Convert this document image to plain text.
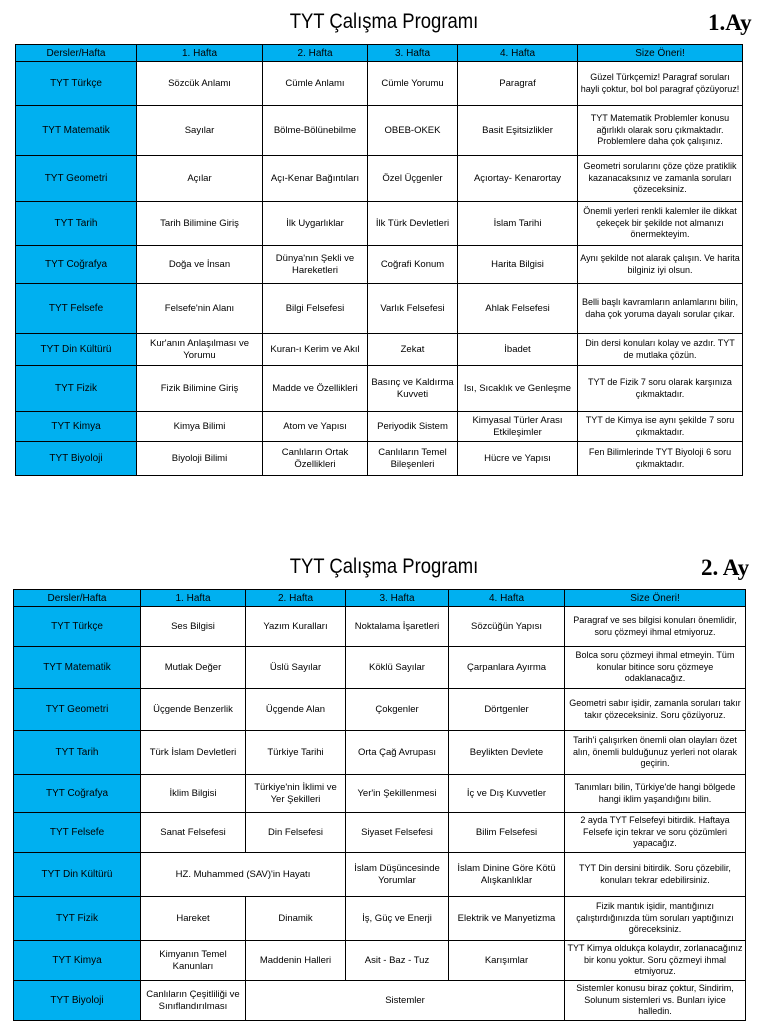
TYT Çalışma Programı	1.Ay
Dersler/Hafta	1. Hafta	2. Hafta	3. Hafta	4. Hafta	Size Öneri!
TYT Türkçe	Sözcük Anlamı	Cümle Anlamı	Cümle Yorumu	Paragraf	Güzel Türkçemiz! Paragraf soruları hayli çoktur, bol bol paragraf çözüyoruz!
TYT Matematik	Sayılar	Bölme-Bölünebilme	OBEB-OKEK	Basit Eşitsizlikler	TYT Matematik Problemler konusu ağırlıklı olarak soru çıkmaktadır. Problemlere daha çok çalışınız.
TYT Geometri	Açılar	Açı-Kenar Bağıntıları	Özel Üçgenler	Açıortay- Kenarortay	Geometri sorularını çöze çöze pratiklik kazanacaksınız ve zamanla soruları çözeceksiniz.
TYT Tarih	Tarih Bilimine Giriş	İlk Uygarlıklar	İlk Türk Devletleri	İslam Tarihi	Önemli yerleri renkli kalemler ile dikkat çekeçek bir şekilde not almanızı önermekteyim.
TYT Coğrafya	Doğa ve İnsan	Dünya'nın Şekli ve Hareketleri	Coğrafi Konum	Harita Bilgisi	Aynı şekilde not alarak çalışın. Ve harita bilginiz iyi olsun.
TYT Felsefe	Felsefe'nin Alanı	Bilgi Felsefesi	Varlık Felsefesi	Ahlak Felsefesi	Belli başlı kavramların anlamlarını bilin, daha çok yoruma dayalı sorular çıkar.
TYT Din Kültürü	Kur'anın Anlaşılması ve Yorumu	Kuran-ı Kerim ve Akıl	Zekat	İbadet	Din dersi konuları kolay ve azdır. TYT de mutlaka çözün.
TYT Fizik	Fizik Bilimine Giriş	Madde ve Özellikleri	Basınç ve Kaldırma Kuvveti	Isı, Sıcaklık ve Genleşme	TYT de Fizik 7 soru olarak karşınıza çıkmaktadır.
TYT Kimya	Kimya Bilimi	Atom ve Yapısı	Periyodik Sistem	Kimyasal Türler Arası Etkileşimler	TYT de Kimya ise aynı şekilde 7 soru çıkmaktadır.
TYT Biyoloji	Biyoloji Bilimi	Canlıların Ortak Özellikleri	Canlıların Temel Bileşenleri	Hücre ve Yapısı	Fen Bilimlerinde TYT Biyoloji 6 soru çıkmaktadır.
TYT Çalışma Programı	2. Ay
Dersler/Hafta	1. Hafta	2. Hafta	3. Hafta	4. Hafta	Size Öneri!
TYT Türkçe	Ses Bilgisi	Yazım Kuralları	Noktalama İşaretleri	Sözcüğün Yapısı	Paragraf ve ses bilgisi konuları önemlidir, soru çözmeyi ihmal etmiyoruz.
TYT Matematik	Mutlak Değer	Üslü Sayılar	Köklü Sayılar	Çarpanlara Ayırma	Bolca soru çözmeyi ihmal etmeyin. Tüm konular bitince soru çözmeye odaklanacağız.
TYT Geometri	Üçgende Benzerlik	Üçgende Alan	Çokgenler	Dörtgenler	Geometri sabır işidir, zamanla soruları takır takır çözeceksiniz. Soru çözüyoruz.
TYT Tarih	Türk İslam Devletleri	Türkiye Tarihi	Orta Çağ Avrupası	Beylikten Devlete	Tarih'i çalışırken önemli olan olayları özet alın, önemli bulduğunuz yerleri not olarak geçirin.
TYT Coğrafya	İklim Bilgisi	Türkiye'nin İklimi ve Yer Şekilleri	Yer'in Şekillenmesi	İç ve Dış Kuvvetler	Tanımları bilin, Türkiye'de hangi bölgede hangi iklim yaşandığını bilin.
TYT Felsefe	Sanat Felsefesi	Din Felsefesi	Siyaset Felsefesi	Bilim Felsefesi	2 ayda TYT Felsefeyi bitirdik. Haftaya Felsefe için tekrar ve soru çözümleri yapacağız.
TYT Din Kültürü	HZ. Muhammed (SAV)'in Hayatı		İslam Düşüncesinde Yorumlar	İslam Dinine Göre Kötü Alışkanlıklar	TYT Din dersini bitirdik. Soru çözebilir, konuları tekrar edebilirsiniz.
TYT Fizik	Hareket	Dinamik	İş, Güç ve Enerji	Elektrik ve Manyetizma	Fizik mantık işidir, mantığınızı çalıştırdığınızda tüm soruları yaptığınızı göreceksiniz.
TYT Kimya	Kimyanın Temel Kanunları	Maddenin Halleri	Asit - Baz - Tuz	Karışımlar	TYT Kimya oldukça kolaydır, zorlanacağınız bir konu yoktur. Soru çözmeyi ihmal etmiyoruz.
TYT Biyoloji	Canlıların Çeşitliliği ve Sınıflandırılması	Sistemler			Sistemler konusu biraz çoktur, Sindirim, Solunum sistemleri vs. Bunları iyice halledin.
